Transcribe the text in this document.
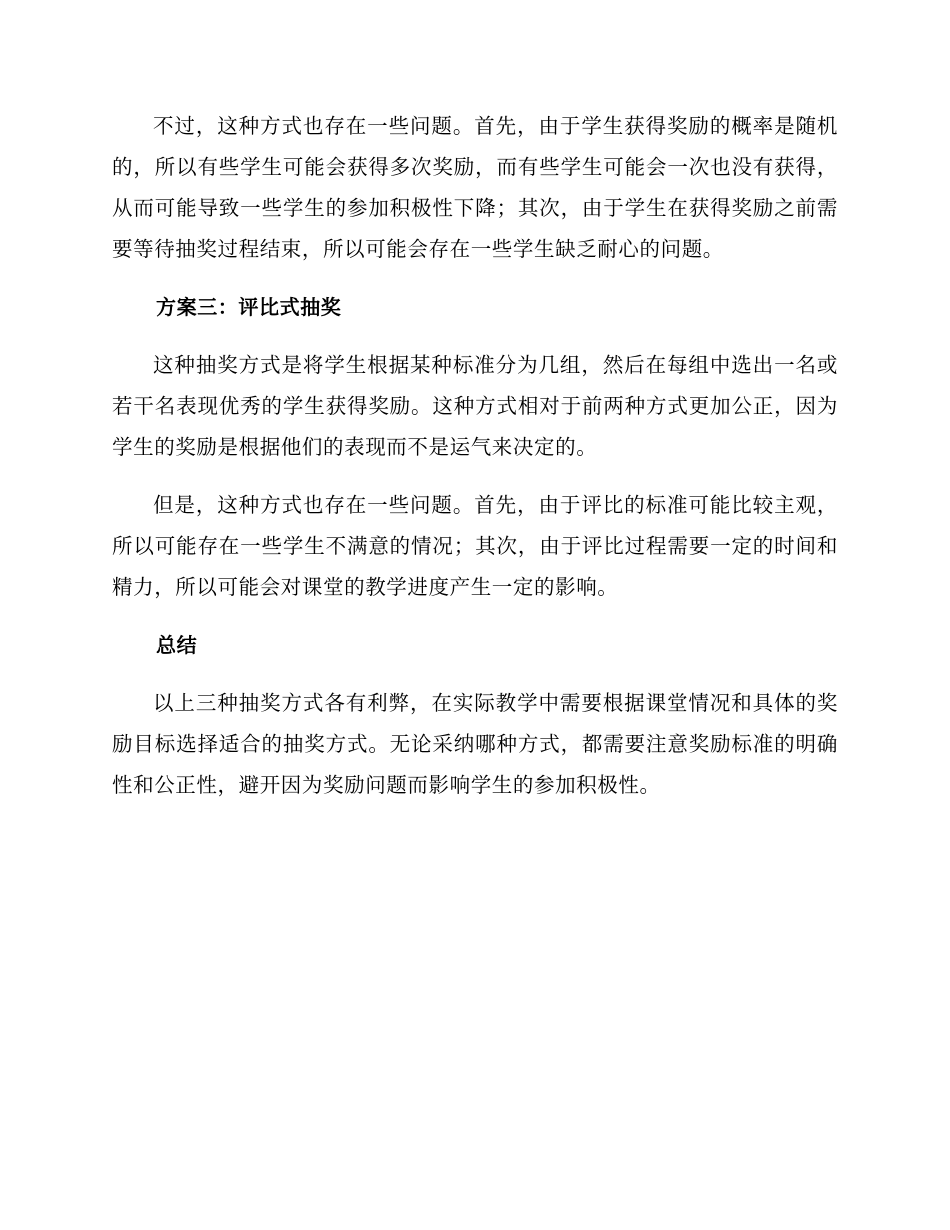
不过，这种方式也存在一些问题。首先，由于学生获得奖励的概率是随机的，所以有些学生可能会获得多次奖励，而有些学生可能会一次也没有获得，从而可能导致一些学生的参加积极性下降；其次，由于学生在获得奖励之前需要等待抽奖过程结束，所以可能会存在一些学生缺乏耐心的问题。

方案三：评比式抽奖

这种抽奖方式是将学生根据某种标准分为几组，然后在每组中选出一名或若干名表现优秀的学生获得奖励。这种方式相对于前两种方式更加公正，因为学生的奖励是根据他们的表现而不是运气来决定的。

但是，这种方式也存在一些问题。首先，由于评比的标准可能比较主观，所以可能存在一些学生不满意的情况；其次，由于评比过程需要一定的时间和精力，所以可能会对课堂的教学进度产生一定的影响。

总结

以上三种抽奖方式各有利弊，在实际教学中需要根据课堂情况和具体的奖励目标选择适合的抽奖方式。无论采纳哪种方式，都需要注意奖励标准的明确性和公正性，避开因为奖励问题而影响学生的参加积极性。
